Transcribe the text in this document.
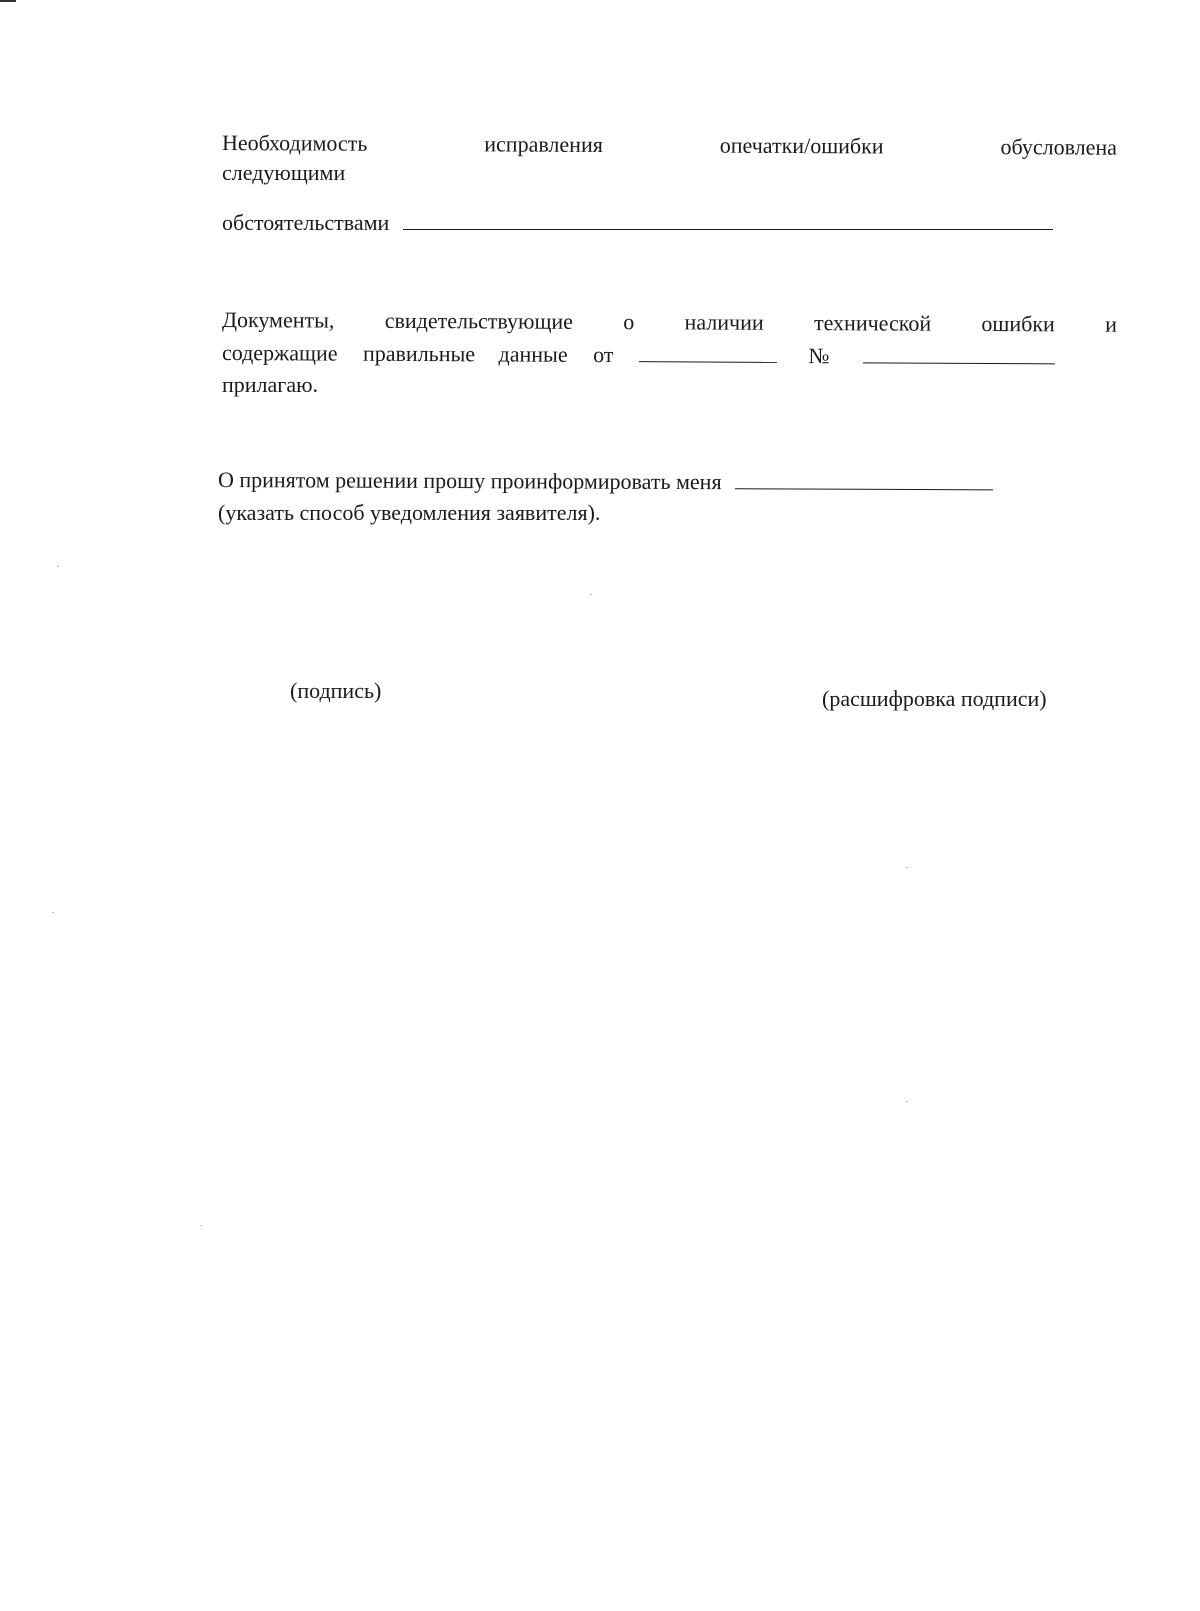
Необходимость	исправления	опечатки/ошибки	обусловлена
следующими
обстоятельствами
Документы, свидетельствующие о наличии технической ошибки и
содержащие правильные данные от	№
прилагаю.
О принятом решении прошу проинформировать меня
(указать способ уведомления заявителя).
(подпись)	(расшифровка подписи)
